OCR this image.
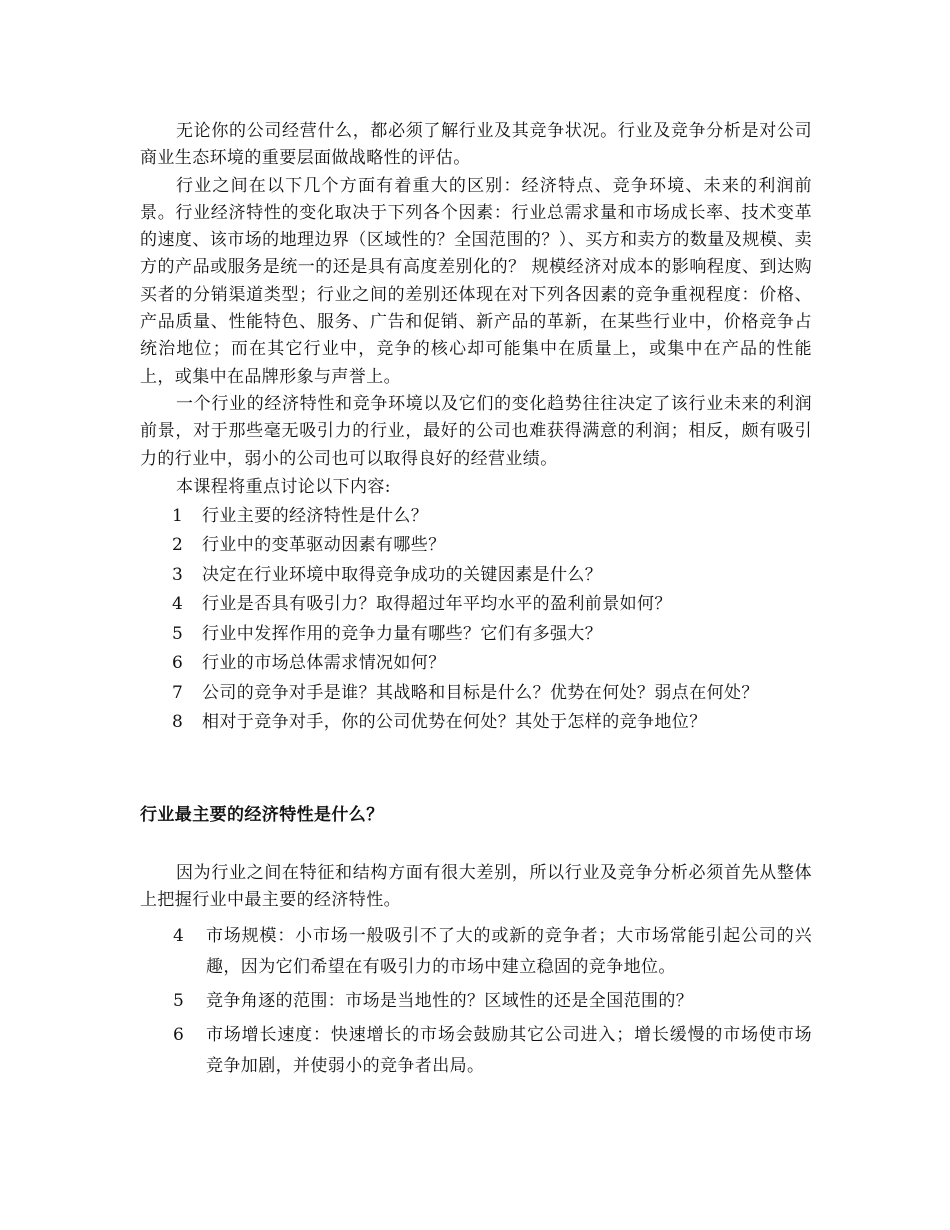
无论你的公司经营什么，都必须了解行业及其竞争状况。行业及竞争分析是对公司商业生态环境的重要层面做战略性的评估。

行业之间在以下几个方面有着重大的区别：经济特点、竞争环境、未来的利润前景。行业经济特性的变化取决于下列各个因素：行业总需求量和市场成长率、技术变革的速度、该市场的地理边界（区域性的？全国范围的？）、买方和卖方的数量及规模、卖方的产品或服务是统一的还是具有高度差别化的？ 规模经济对成本的影响程度、到达购买者的分销渠道类型；行业之间的差别还体现在对下列各因素的竞争重视程度：价格、产品质量、性能特色、服务、广告和促销、新产品的革新，在某些行业中，价格竞争占统治地位；而在其它行业中，竞争的核心却可能集中在质量上，或集中在产品的性能上，或集中在品牌形象与声誉上。

一个行业的经济特性和竞争环境以及它们的变化趋势往往决定了该行业未来的利润前景，对于那些毫无吸引力的行业，最好的公司也难获得满意的利润；相反，颇有吸引力的行业中，弱小的公司也可以取得良好的经营业绩。

本课程将重点讨论以下内容:

1	行业主要的经济特性是什么？
2	行业中的变革驱动因素有哪些？
3	决定在行业环境中取得竞争成功的关键因素是什么？
4	行业是否具有吸引力？取得超过年平均水平的盈利前景如何？
5	行业中发挥作用的竞争力量有哪些？它们有多强大？
6	行业的市场总体需求情况如何？
7	公司的竞争对手是谁？其战略和目标是什么？优势在何处？弱点在何处？
8	相对于竞争对手，你的公司优势在何处？其处于怎样的竞争地位？
行业最主要的经济特性是什么？

因为行业之间在特征和结构方面有很大差别，所以行业及竞争分析必须首先从整体上把握行业中最主要的经济特性。

4	市场规模：小市场一般吸引不了大的或新的竞争者；大市场常能引起公司的兴趣，因为它们希望在有吸引力的市场中建立稳固的竞争地位。
5	竞争角逐的范围：市场是当地性的？区域性的还是全国范围的？
6	市场增长速度：快速增长的市场会鼓励其它公司进入；增长缓慢的市场使市场竞争加剧，并使弱小的竞争者出局。
